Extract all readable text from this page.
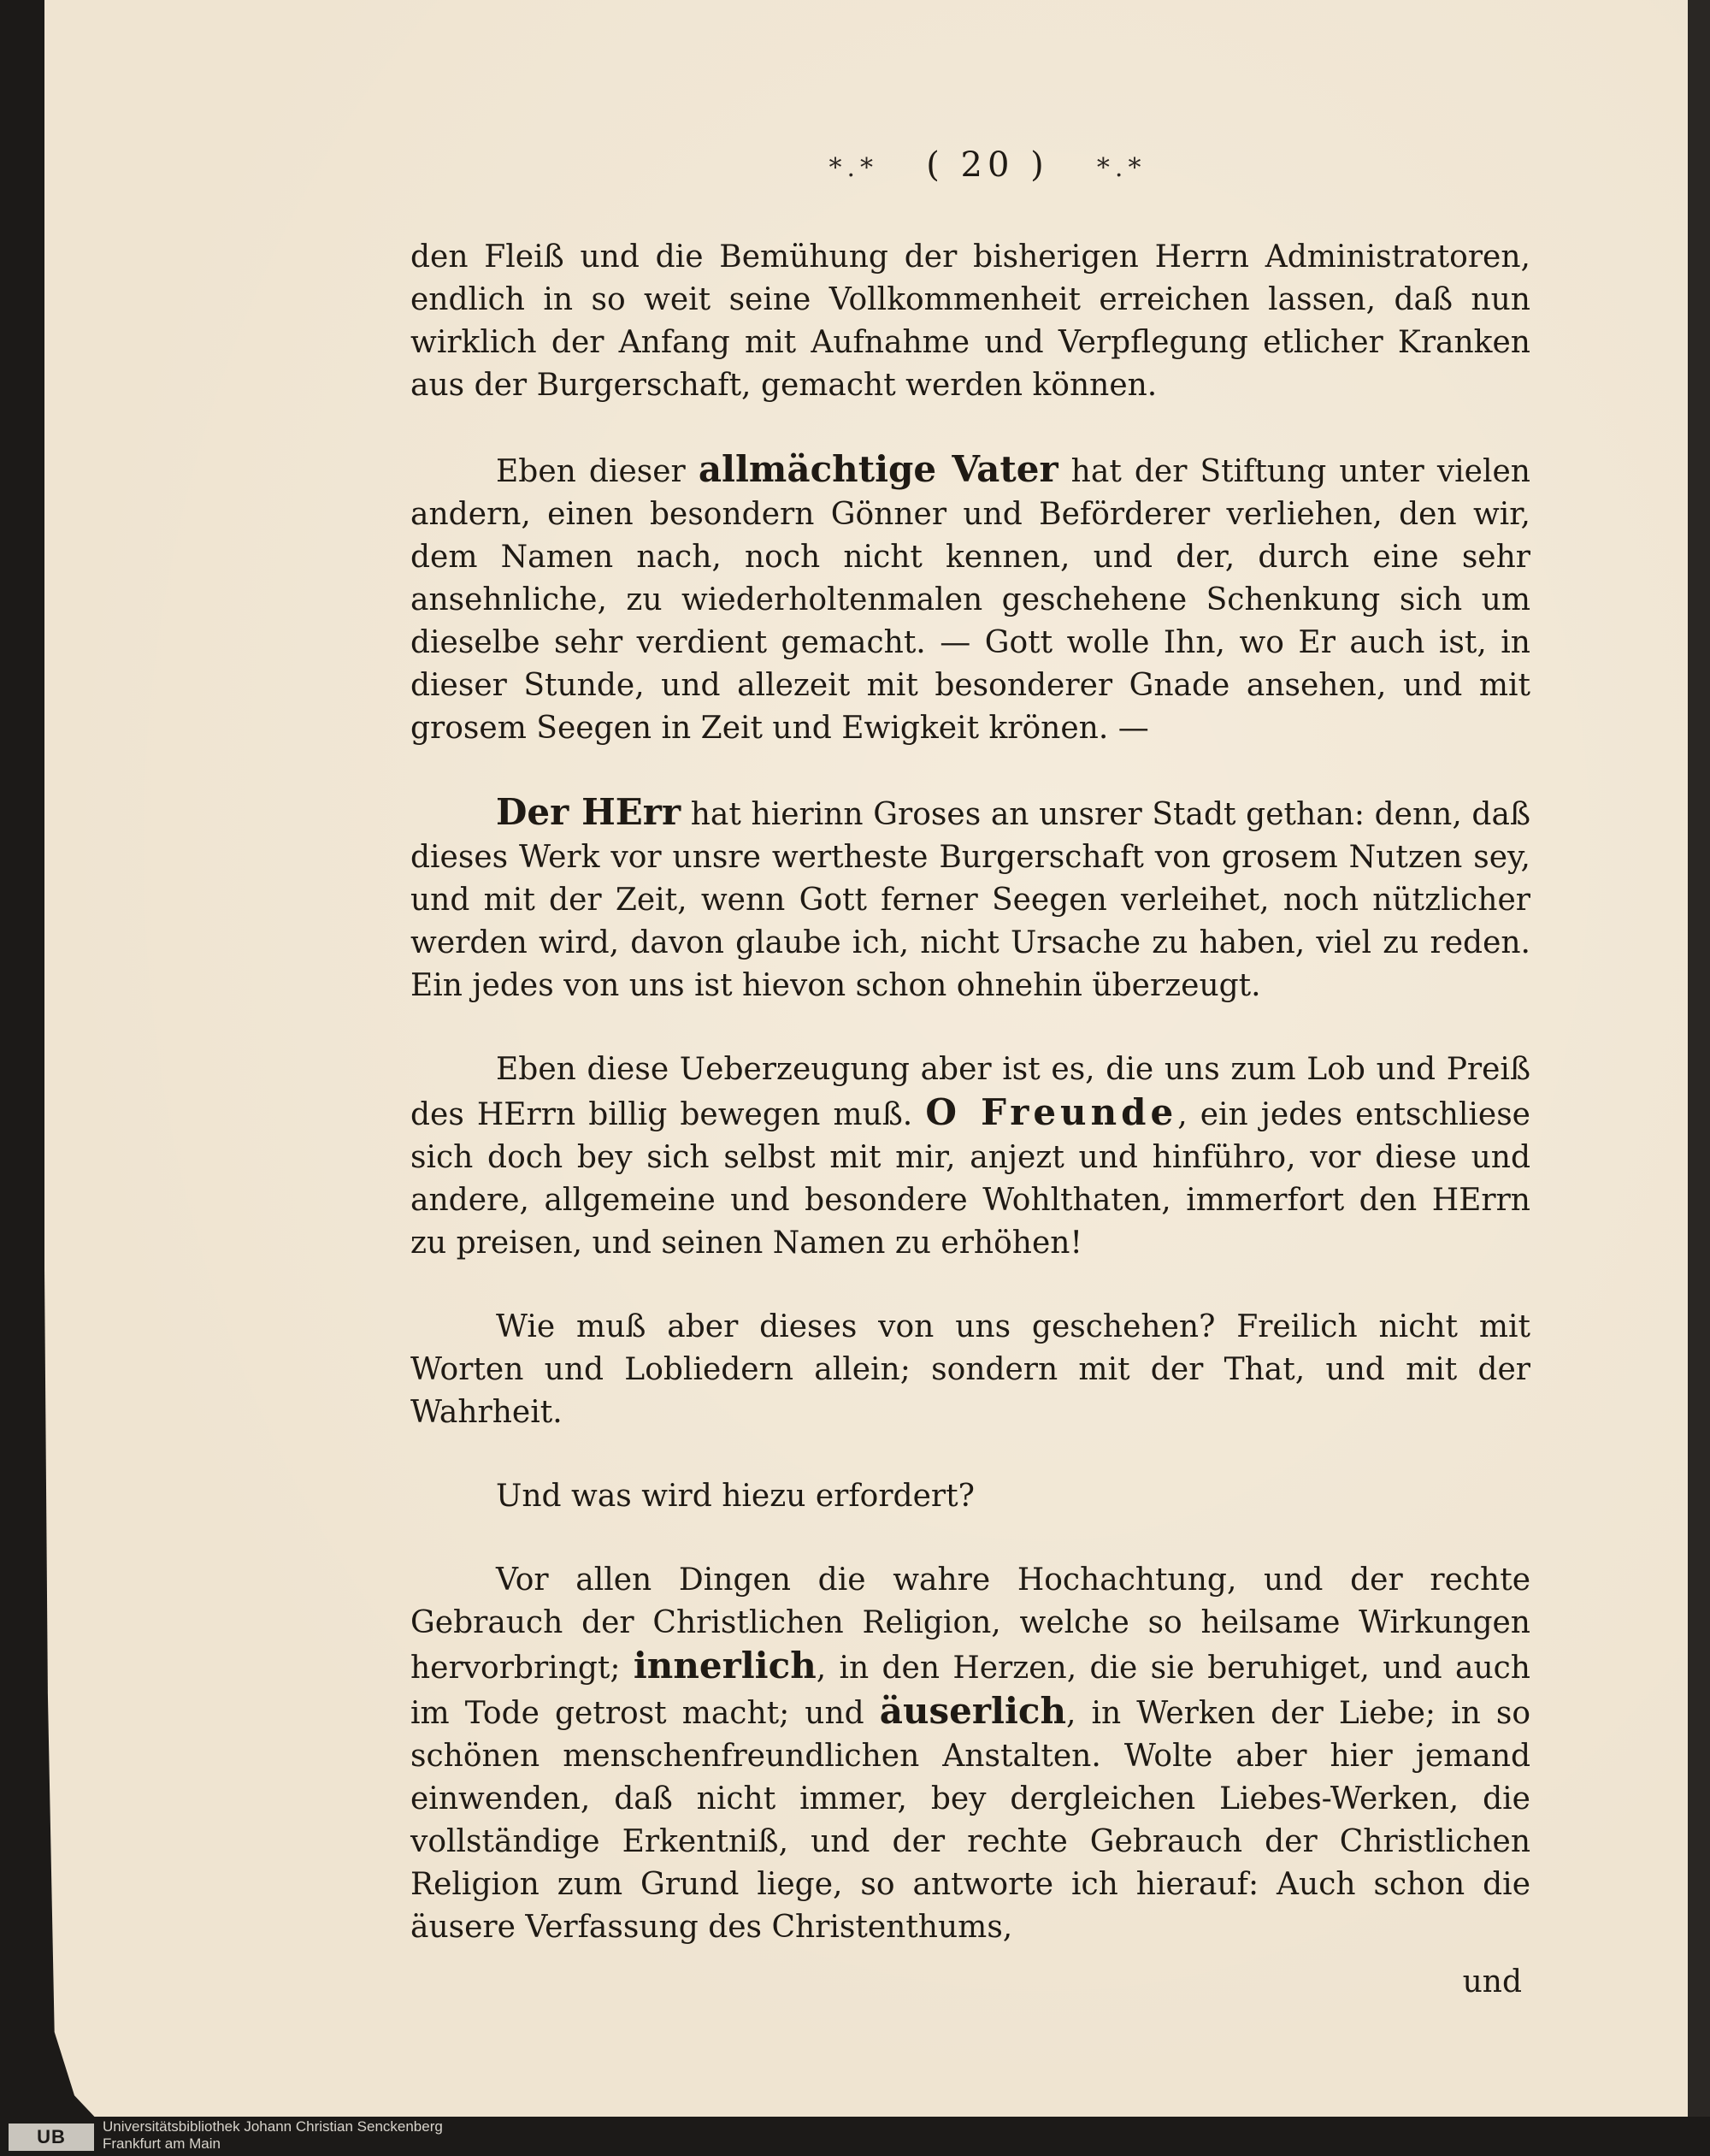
*.* ( 20 ) *.*

den Fleiß und die Bemühung der bisherigen Herrn Administratoren, endlich in so weit seine Vollkommenheit erreichen lassen, daß nun wirklich der Anfang mit Aufnahme und Verpflegung etlicher Kranken aus der Burgerschaft, gemacht werden können.

Eben dieser allmächtige Vater hat der Stiftung unter vielen andern, einen besondern Gönner und Beförderer verliehen, den wir, dem Namen nach, noch nicht kennen, und der, durch eine sehr ansehnliche, zu wiederholtenmalen geschehene Schenkung sich um dieselbe sehr verdient gemacht. — Gott wolle Ihn, wo Er auch ist, in dieser Stunde, und allezeit mit besonderer Gnade ansehen, und mit grosem Seegen in Zeit und Ewigkeit krönen. —

Der HErr hat hierinn Groses an unsrer Stadt gethan: denn, daß dieses Werk vor unsre wertheste Burgerschaft von grosem Nutzen sey, und mit der Zeit, wenn Gott ferner Seegen verleihet, noch nützlicher werden wird, davon glaube ich, nicht Ursache zu haben, viel zu reden. Ein jedes von uns ist hievon schon ohnehin überzeugt.

Eben diese Ueberzeugung aber ist es, die uns zum Lob und Preiß des HErrn billig bewegen muß. O Freunde, ein jedes entschliese sich doch bey sich selbst mit mir, anjezt und hinführo, vor diese und andere, allgemeine und besondere Wohlthaten, immerfort den HErrn zu preisen, und seinen Namen zu erhöhen!

Wie muß aber dieses von uns geschehen? Freilich nicht mit Worten und Lobliedern allein; sondern mit der That, und mit der Wahrheit.

Und was wird hiezu erfordert?

Vor allen Dingen die wahre Hochachtung, und der rechte Gebrauch der Christlichen Religion, welche so heilsame Wirkungen hervorbringt; innerlich, in den Herzen, die sie beruhiget, und auch im Tode getrost macht; und äuserlich, in Werken der Liebe; in so schönen menschenfreundlichen Anstalten. Wolte aber hier jemand einwenden, daß nicht immer, bey dergleichen Liebes-Werken, die vollständige Erkentniß, und der rechte Gebrauch der Christlichen Religion zum Grund liege, so antworte ich hierauf: Auch schon die äusere Verfassung des Christenthums,

und
UB	Universitätsbibliothek Johann Christian Senckenberg
Frankfurt am Main
